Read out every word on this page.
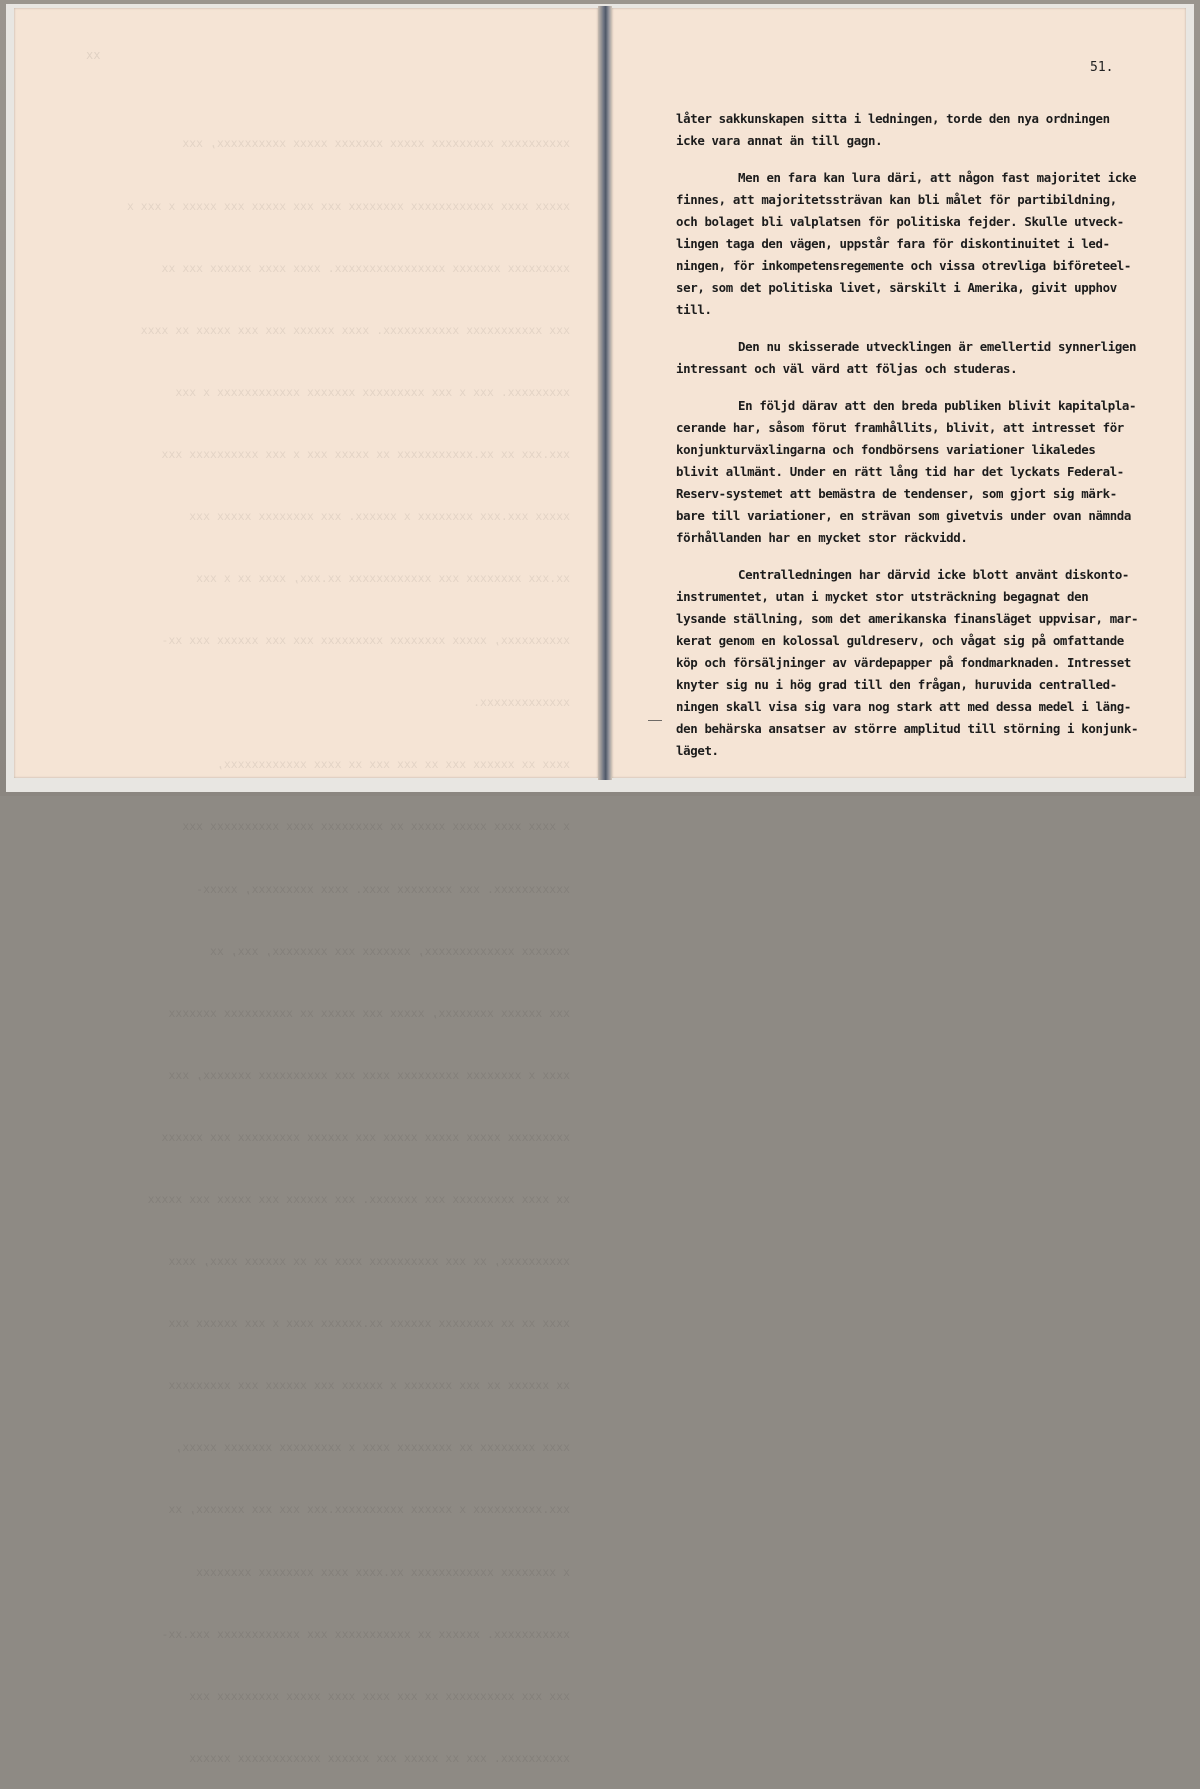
xxxxxxxxxx xxxxxxxxx xxxxx xxxxxxx xxxxx xxxxxxxxxx, xxx

xxxxx xxxx xxxxxxxxxxxx xxxxxxxx xxx xxx xxxxx xxx xxxxx x xxx x

xxxxxxxxx xxxxxxx xxxxxxxxxxxxxxxx. xxxx xxxx xxxxxx xxx xx

xxx xxxxxxxxxxx xxxxxxxxxxx. xxxx xxxxxx xxx xxx xxxxx xx xxxx

xxxxxxxxx. xxx x xxx xxxxxxxxx xxxxxxx xxxxxxxxxxxx x xxx

xxx.xxx xx xx.xxxxxxxxxxx xx xxxxx xxx x xxx xxxxxxxxxx xxx

xxxxx xxx.xxx xxxxxxxx x xxxxxx. xxx xxxxxxxx xxxxx xxx

xx.xxx xxxxxxxx xxx xxxxxxxxxxxx xx.xxx, xxxx xx x xxx

xxxxxxxxxx, xxxxx xxxxxxxx xxxxxxxxx xxx xxx xxxxxx xxx xx-

xxxxxxxxxxxxx.

xxxx xx xxxxxx xxx xx xxx xxx xx xxxx xxxxxxxxxxxx,

x xxxx xxxx xxxxx xxxxx xx xxxxxxxxx xxxx xxxxxxxxxx xxx

xxxxxxxxxxx. xxx xxxxxxxx xxxx. xxxx xxxxxxxxx, xxxxx-

xxxxxxx xxxxxxxxxxxxx, xxxxxxx xxx xxxxxxxx, xxx, xx

xxx xxxxxx xxxxxxxx, xxxxx xxx xxxxx xx xxxxxxxxxx xxxxxxx

xxxx x xxxxxxxx xxxxxxxxx xxxx xxx xxxxxxxxxx xxxxxxx, xxx

xxxxxxxxx xxxxx xxxxx xxxxx xxx xxxxxx xxxxxxxxx xxx xxxxxx

xx xxxx xxxxxxxxx xxx xxxxxxx. xxx xxxxxx xxx xxxxx xxx xxxxx

xxxxxxxxxx, xx xxx xxxxxxxxxx xxxx xx xx xxxxxx xxxx, xxxx

xxxx xx xx xxxxxxxx xxxxxx xx.xxxxxx xxxx x xxx xxxxxx xxx

xx xxxxxx xx xxx xxxxxxx x xxxxxx xxx xxxxxx xxx xxxxxxxxx

xxxx xxxxxxxx xx xxxxxxxx xxxx x xxxxxxxxx xxxxxxx xxxxx,

xxx.xxxxxxxxxx x xxxxxx xxxxxxxxxx.xxx xxx xxx xxxxxxx, xx

x xxxxxxxx xxxxxxxxxxxx xx.xxxx xxxx xxxxxxxx xxxxxxxx

xxxxxxxxxxx. xxxxxx xx xxxxxxxxxxx xxx xxxxxxxxxxxx xxx.xx-

xxx xxx xxxxxxxxxx xx xxx xxxx xxxx xxxxx xxxxxxxxx xxx

xxxxxxxxxx. xxx xx xxxxx xxx xxxxxx xxxxxxxxxxxx xxxxxx

xx
51.
låter sakkunskapen sitta i ledningen, torde den nya ordningen
icke vara annat än till gagn.
Men en fara kan lura däri, att någon fast majoritet icke
finnes, att majoritetssträvan kan bli målet för partibildning,
och bolaget bli valplatsen för politiska fejder. Skulle utveck-
lingen taga den vägen, uppstår fara för diskontinuitet i led-
ningen, för inkompetensregemente och vissa otrevliga biföreteel-
ser, som det politiska livet, särskilt i Amerika, givit upphov
till.
Den nu skisserade utvecklingen är emellertid synnerligen
intressant och väl värd att följas och studeras.
En följd därav att den breda publiken blivit kapitalpla-
cerande har, såsom förut framhållits, blivit, att intresset för
konjunkturväxlingarna och fondbörsens variationer likaledes
blivit allmänt. Under en rätt lång tid har det lyckats Federal-
Reserv-systemet att bemästra de tendenser, som gjort sig märk-
bare till variationer, en strävan som givetvis under ovan nämnda
förhållanden har en mycket stor räckvidd.
Centralledningen har därvid icke blott använt diskonto-
instrumentet, utan i mycket stor utsträckning begagnat den
lysande ställning, som det amerikanska finansläget uppvisar, mar-
kerat genom en kolossal guldreserv, och vågat sig på omfattande
köp och försäljninger av värdepapper på fondmarknaden. Intresset
knyter sig nu i hög grad till den frågan, huruvida centralled-
ningen skall visa sig vara nog stark att med dessa medel i läng-
den behärska ansatser av större amplitud till störning i konjunk-
läget.
